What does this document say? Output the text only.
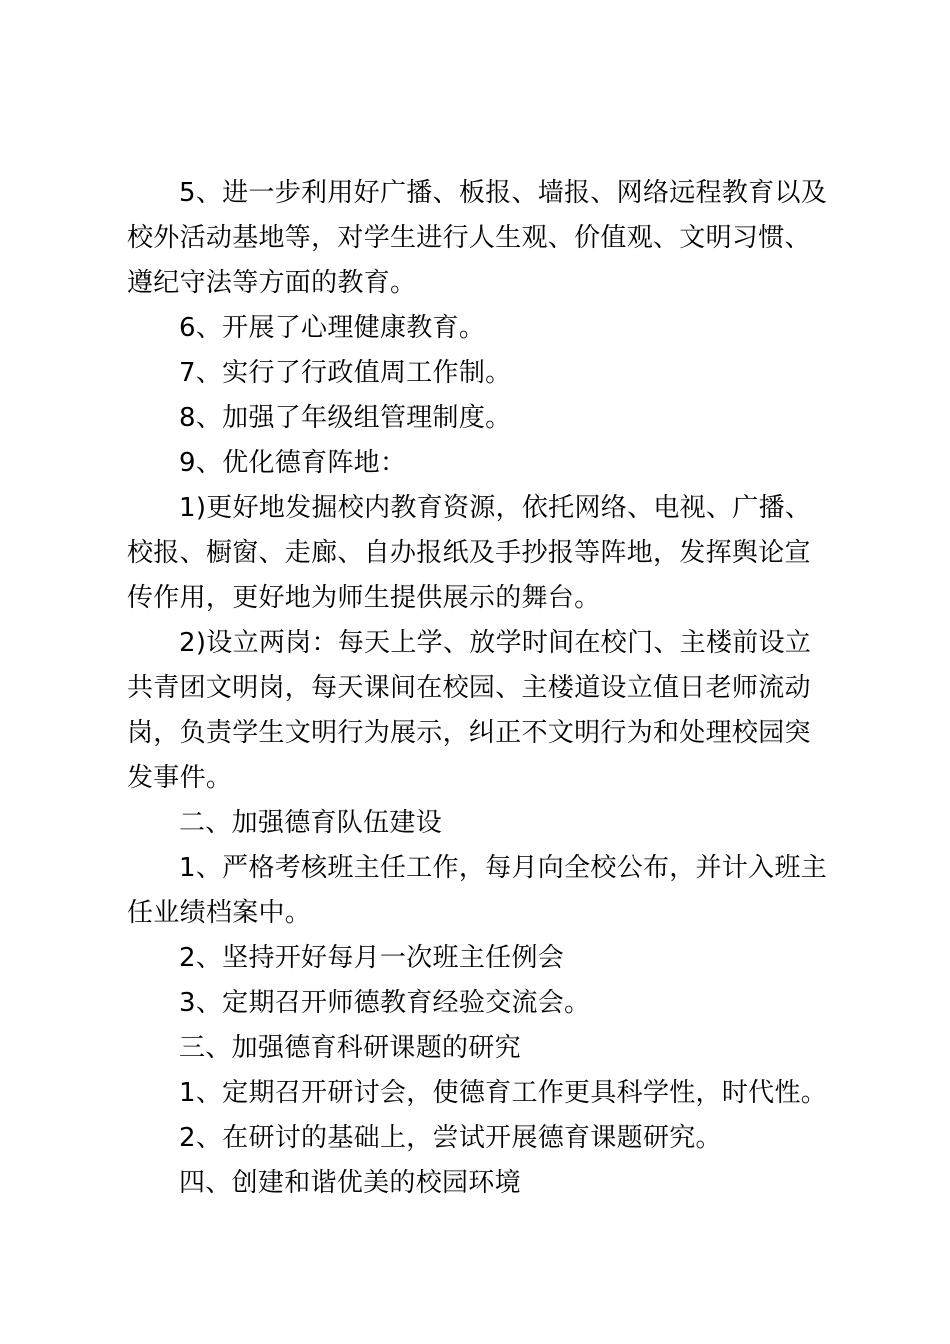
5、进一步利用好广播、板报、墙报、网络远程教育以及校外活动基地等，对学生进行人生观、价值观、文明习惯、遵纪守法等方面的教育。

6、开展了心理健康教育。

7、实行了行政值周工作制。

8、加强了年级组管理制度。

9、优化德育阵地：

1)更好地发掘校内教育资源，依托网络、电视、广播、校报、橱窗、走廊、自办报纸及手抄报等阵地，发挥舆论宣传作用，更好地为师生提供展示的舞台。

2)设立两岗：每天上学、放学时间在校门、主楼前设立共青团文明岗，每天课间在校园、主楼道设立值日老师流动岗，负责学生文明行为展示，纠正不文明行为和处理校园突发事件。

二、加强德育队伍建设

1、严格考核班主任工作，每月向全校公布，并计入班主任业绩档案中。

2、坚持开好每月一次班主任例会

3、定期召开师德教育经验交流会。

三、加强德育科研课题的研究

1、定期召开研讨会，使德育工作更具科学性，时代性。

2、在研讨的基础上，尝试开展德育课题研究。

四、创建和谐优美的校园环境
